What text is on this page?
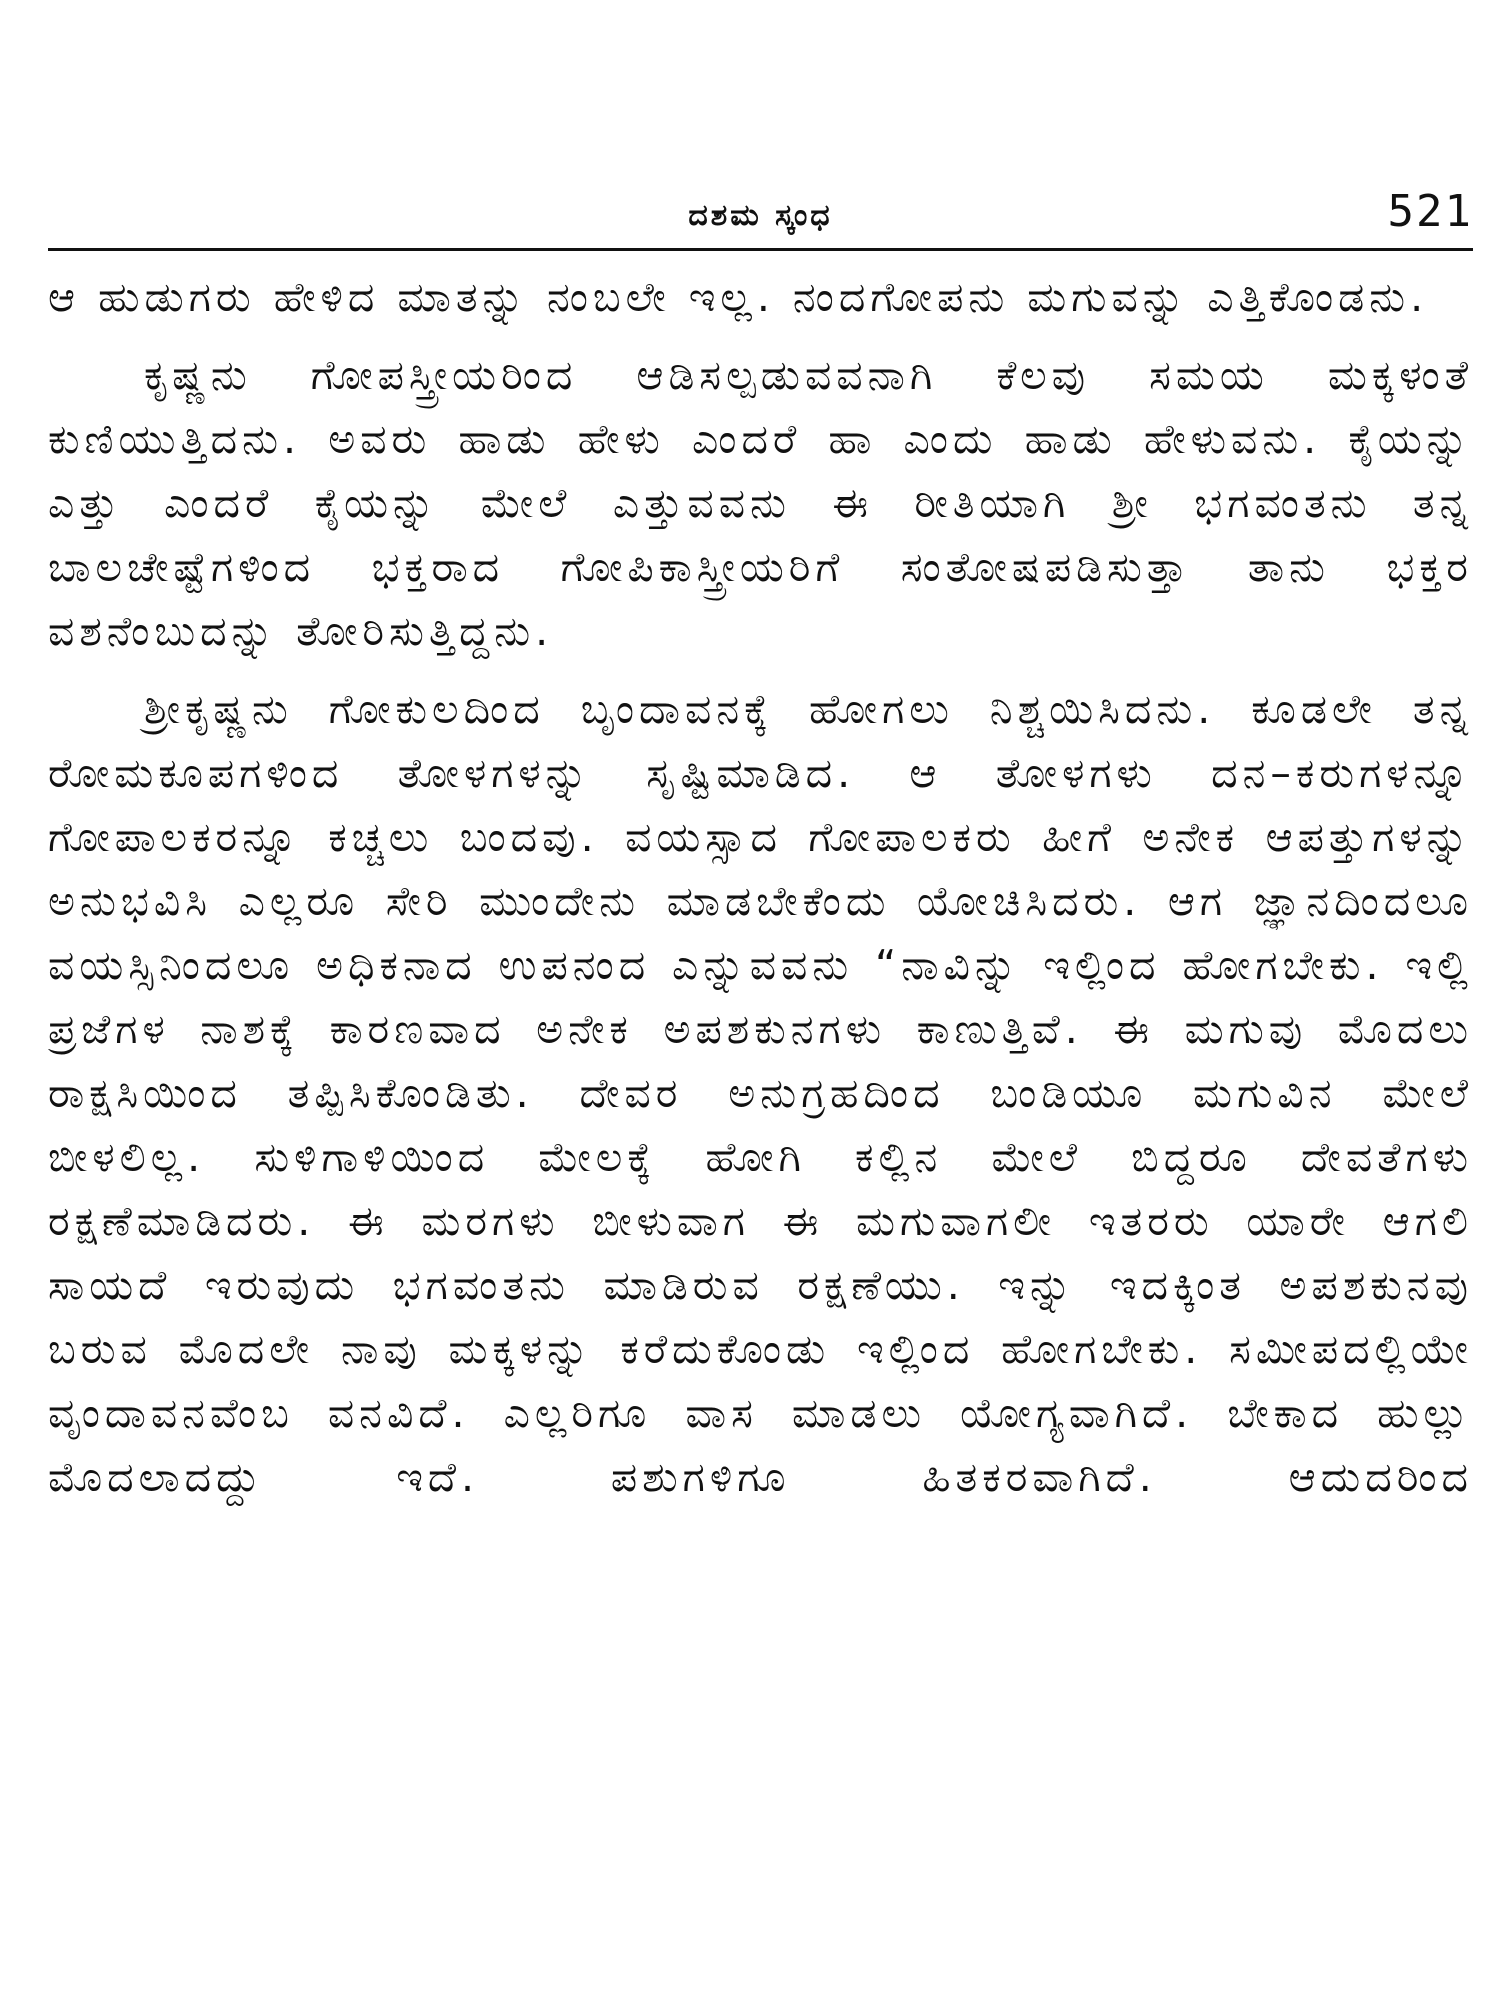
ದಶಮ ಸ್ಕಂಧ	521

ಆ ಹುಡುಗರು ಹೇಳಿದ ಮಾತನ್ನು ನಂಬಲೇ ಇಲ್ಲ. ನಂದಗೋಪನು ಮಗುವನ್ನು ಎತ್ತಿಕೊಂಡನು.

ಕೃಷ್ಣನು ಗೋಪಸ್ತ್ರೀಯರಿಂದ ಆಡಿಸಲ್ಪಡುವವನಾಗಿ ಕೆಲವು ಸಮಯ ಮಕ್ಕಳಂತೆ ಕುಣಿಯುತ್ತಿದನು. ಅವರು ಹಾಡು ಹೇಳು ಎಂದರೆ ಹಾ ಎಂದು ಹಾಡು ಹೇಳುವನು. ಕೈಯನ್ನು ಎತ್ತು ಎಂದರೆ ಕೈಯನ್ನು ಮೇಲೆ ಎತ್ತುವವನು ಈ ರೀತಿಯಾಗಿ ಶ್ರೀ ಭಗವಂತನು ತನ್ನ ಬಾಲಚೇಷ್ಟೆಗಳಿಂದ ಭಕ್ತರಾದ ಗೋಪಿಕಾಸ್ತ್ರೀಯರಿಗೆ ಸಂತೋಷಪಡಿಸುತ್ತಾ ತಾನು ಭಕ್ತರ ವಶನೆಂಬುದನ್ನು ತೋರಿಸುತ್ತಿದ್ದನು.

ಶ್ರೀಕೃಷ್ಣನು ಗೋಕುಲದಿಂದ ಬೃಂದಾವನಕ್ಕೆ ಹೋಗಲು ನಿಶ್ಚಯಿಸಿದನು. ಕೂಡಲೇ ತನ್ನ ರೋಮಕೂಪಗಳಿಂದ ತೋಳಗಳನ್ನು ಸೃಷ್ಟಿಮಾಡಿದ. ಆ ತೋಳಗಳು ದನ–ಕರುಗಳನ್ನೂ ಗೋಪಾಲಕರನ್ನೂ ಕಚ್ಚಲು ಬಂದವು. ವಯಸ್ಸಾದ ಗೋಪಾಲಕರು ಹೀಗೆ ಅನೇಕ ಆಪತ್ತುಗಳನ್ನು ಅನುಭವಿಸಿ ಎಲ್ಲರೂ ಸೇರಿ ಮುಂದೇನು ಮಾಡಬೇಕೆಂದು ಯೋಚಿಸಿದರು. ಆಗ ಜ್ಞಾನದಿಂದಲೂ ವಯಸ್ಸಿನಿಂದಲೂ ಅಧಿಕನಾದ ಉಪನಂದ ಎನ್ನುವವನು “ನಾವಿನ್ನು ಇಲ್ಲಿಂದ ಹೋಗಬೇಕು. ಇಲ್ಲಿ ಪ್ರಜೆಗಳ ನಾಶಕ್ಕೆ ಕಾರಣವಾದ ಅನೇಕ ಅಪಶಕುನಗಳು ಕಾಣುತ್ತಿವೆ. ಈ ಮಗುವು ಮೊದಲು ರಾಕ್ಷಸಿಯಿಂದ ತಪ್ಪಿಸಿಕೊಂಡಿತು. ದೇವರ ಅನುಗ್ರಹದಿಂದ ಬಂಡಿಯೂ ಮಗುವಿನ ಮೇಲೆ ಬೀಳಲಿಲ್ಲ. ಸುಳಿಗಾಳಿಯಿಂದ ಮೇಲಕ್ಕೆ ಹೋಗಿ ಕಲ್ಲಿನ ಮೇಲೆ ಬಿದ್ದರೂ ದೇವತೆಗಳು ರಕ್ಷಣೆಮಾಡಿದರು. ಈ ಮರಗಳು ಬೀಳುವಾಗ ಈ ಮಗುವಾಗಲೀ ಇತರರು ಯಾರೇ ಆಗಲಿ ಸಾಯದೆ ಇರುವುದು ಭಗವಂತನು ಮಾಡಿರುವ ರಕ್ಷಣೆಯು. ಇನ್ನು ಇದಕ್ಕಿಂತ ಅಪಶಕುನವು ಬರುವ ಮೊದಲೇ ನಾವು ಮಕ್ಕಳನ್ನು ಕರೆದುಕೊಂಡು ಇಲ್ಲಿಂದ ಹೋಗಬೇಕು. ಸಮೀಪದಲ್ಲಿಯೇ ವೃಂದಾವನವೆಂಬ ವನವಿದೆ. ಎಲ್ಲರಿಗೂ ವಾಸ ಮಾಡಲು ಯೋಗ್ಯವಾಗಿದೆ. ಬೇಕಾದ ಹುಲ್ಲು ಮೊದಲಾದದ್ದು ಇದೆ. ಪಶುಗಳಿಗೂ ಹಿತಕರವಾಗಿದೆ. ಆದುದರಿಂದ
